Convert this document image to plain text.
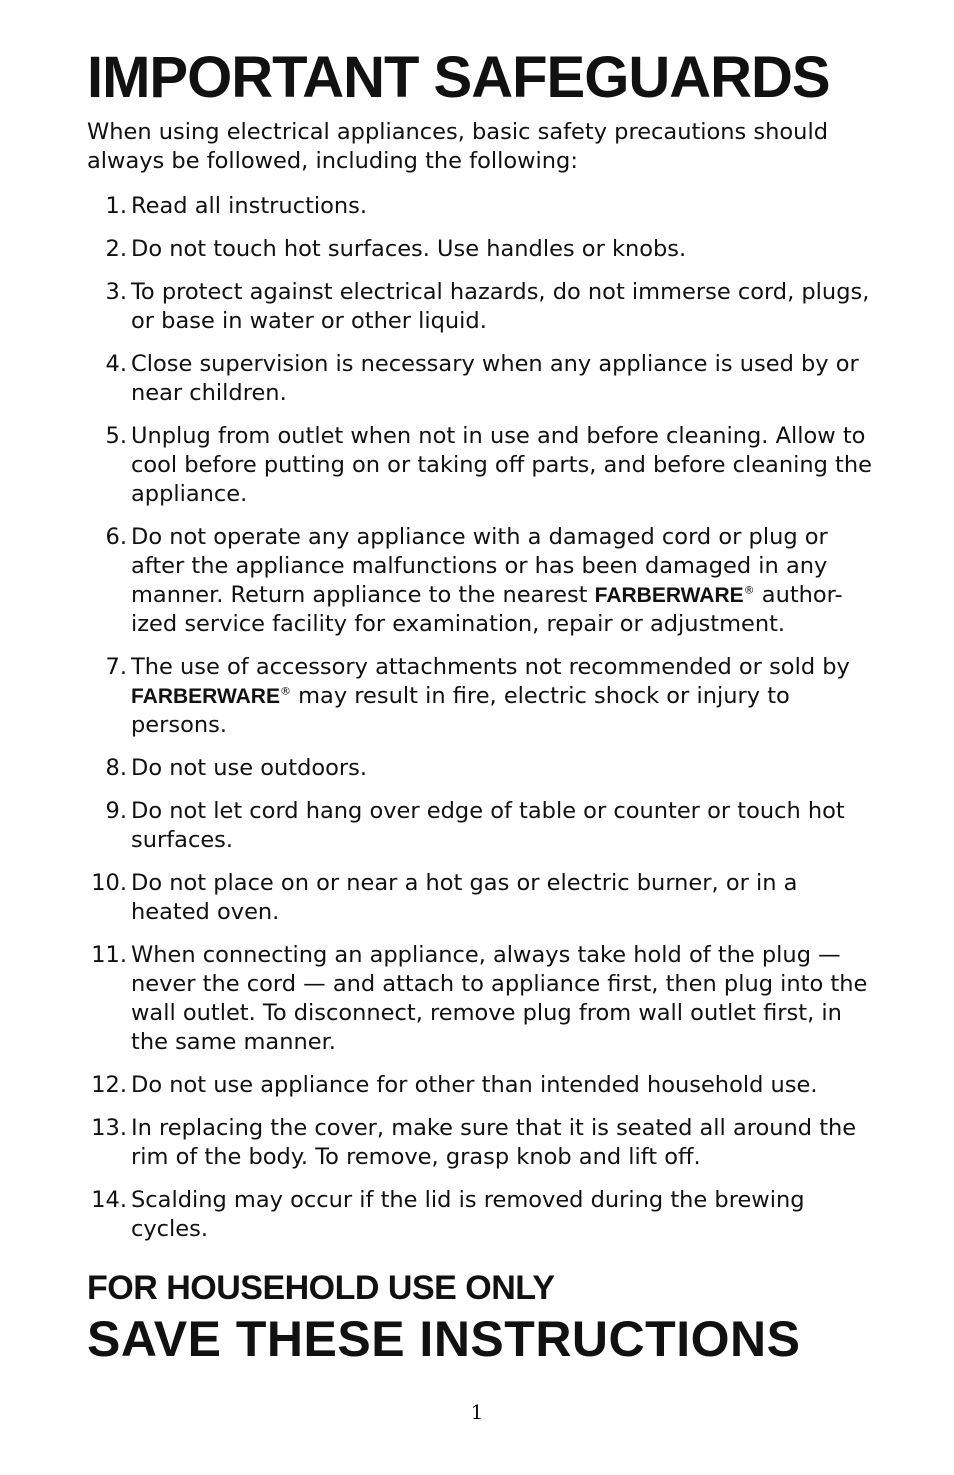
IMPORTANT SAFEGUARDS

When using electrical appliances, basic safety precautions should always be followed, including the following:

1. Read all instructions.
2. Do not touch hot surfaces. Use handles or knobs.
3. To protect against electrical hazards, do not immerse cord, plugs, or base in water or other liquid.
4. Close supervision is necessary when any appliance is used by or near children.
5. Unplug from outlet when not in use and before cleaning. Allow to cool before putting on or taking off parts, and before cleaning the appliance.
6. Do not operate any appliance with a damaged cord or plug or after the appliance malfunctions or has been damaged in any manner. Return appliance to the nearest FARBERWARE® author-ized service facility for examination, repair or adjustment.
7. The use of accessory attachments not recommended or sold by FARBERWARE® may result in fire, electric shock or injury to persons.
8. Do not use outdoors.
9. Do not let cord hang over edge of table or counter or touch hot surfaces.
10. Do not place on or near a hot gas or electric burner, or in a heated oven.
11. When connecting an appliance, always take hold of the plug — never the cord — and attach to appliance first, then plug into the wall outlet. To disconnect, remove plug from wall outlet first, in the same manner.
12. Do not use appliance for other than intended household use.
13. In replacing the cover, make sure that it is seated all around the rim of the body. To remove, grasp knob and lift off.
14. Scalding may occur if the lid is removed during the brewing cycles.
FOR HOUSEHOLD USE ONLY
SAVE THESE INSTRUCTIONS
1
